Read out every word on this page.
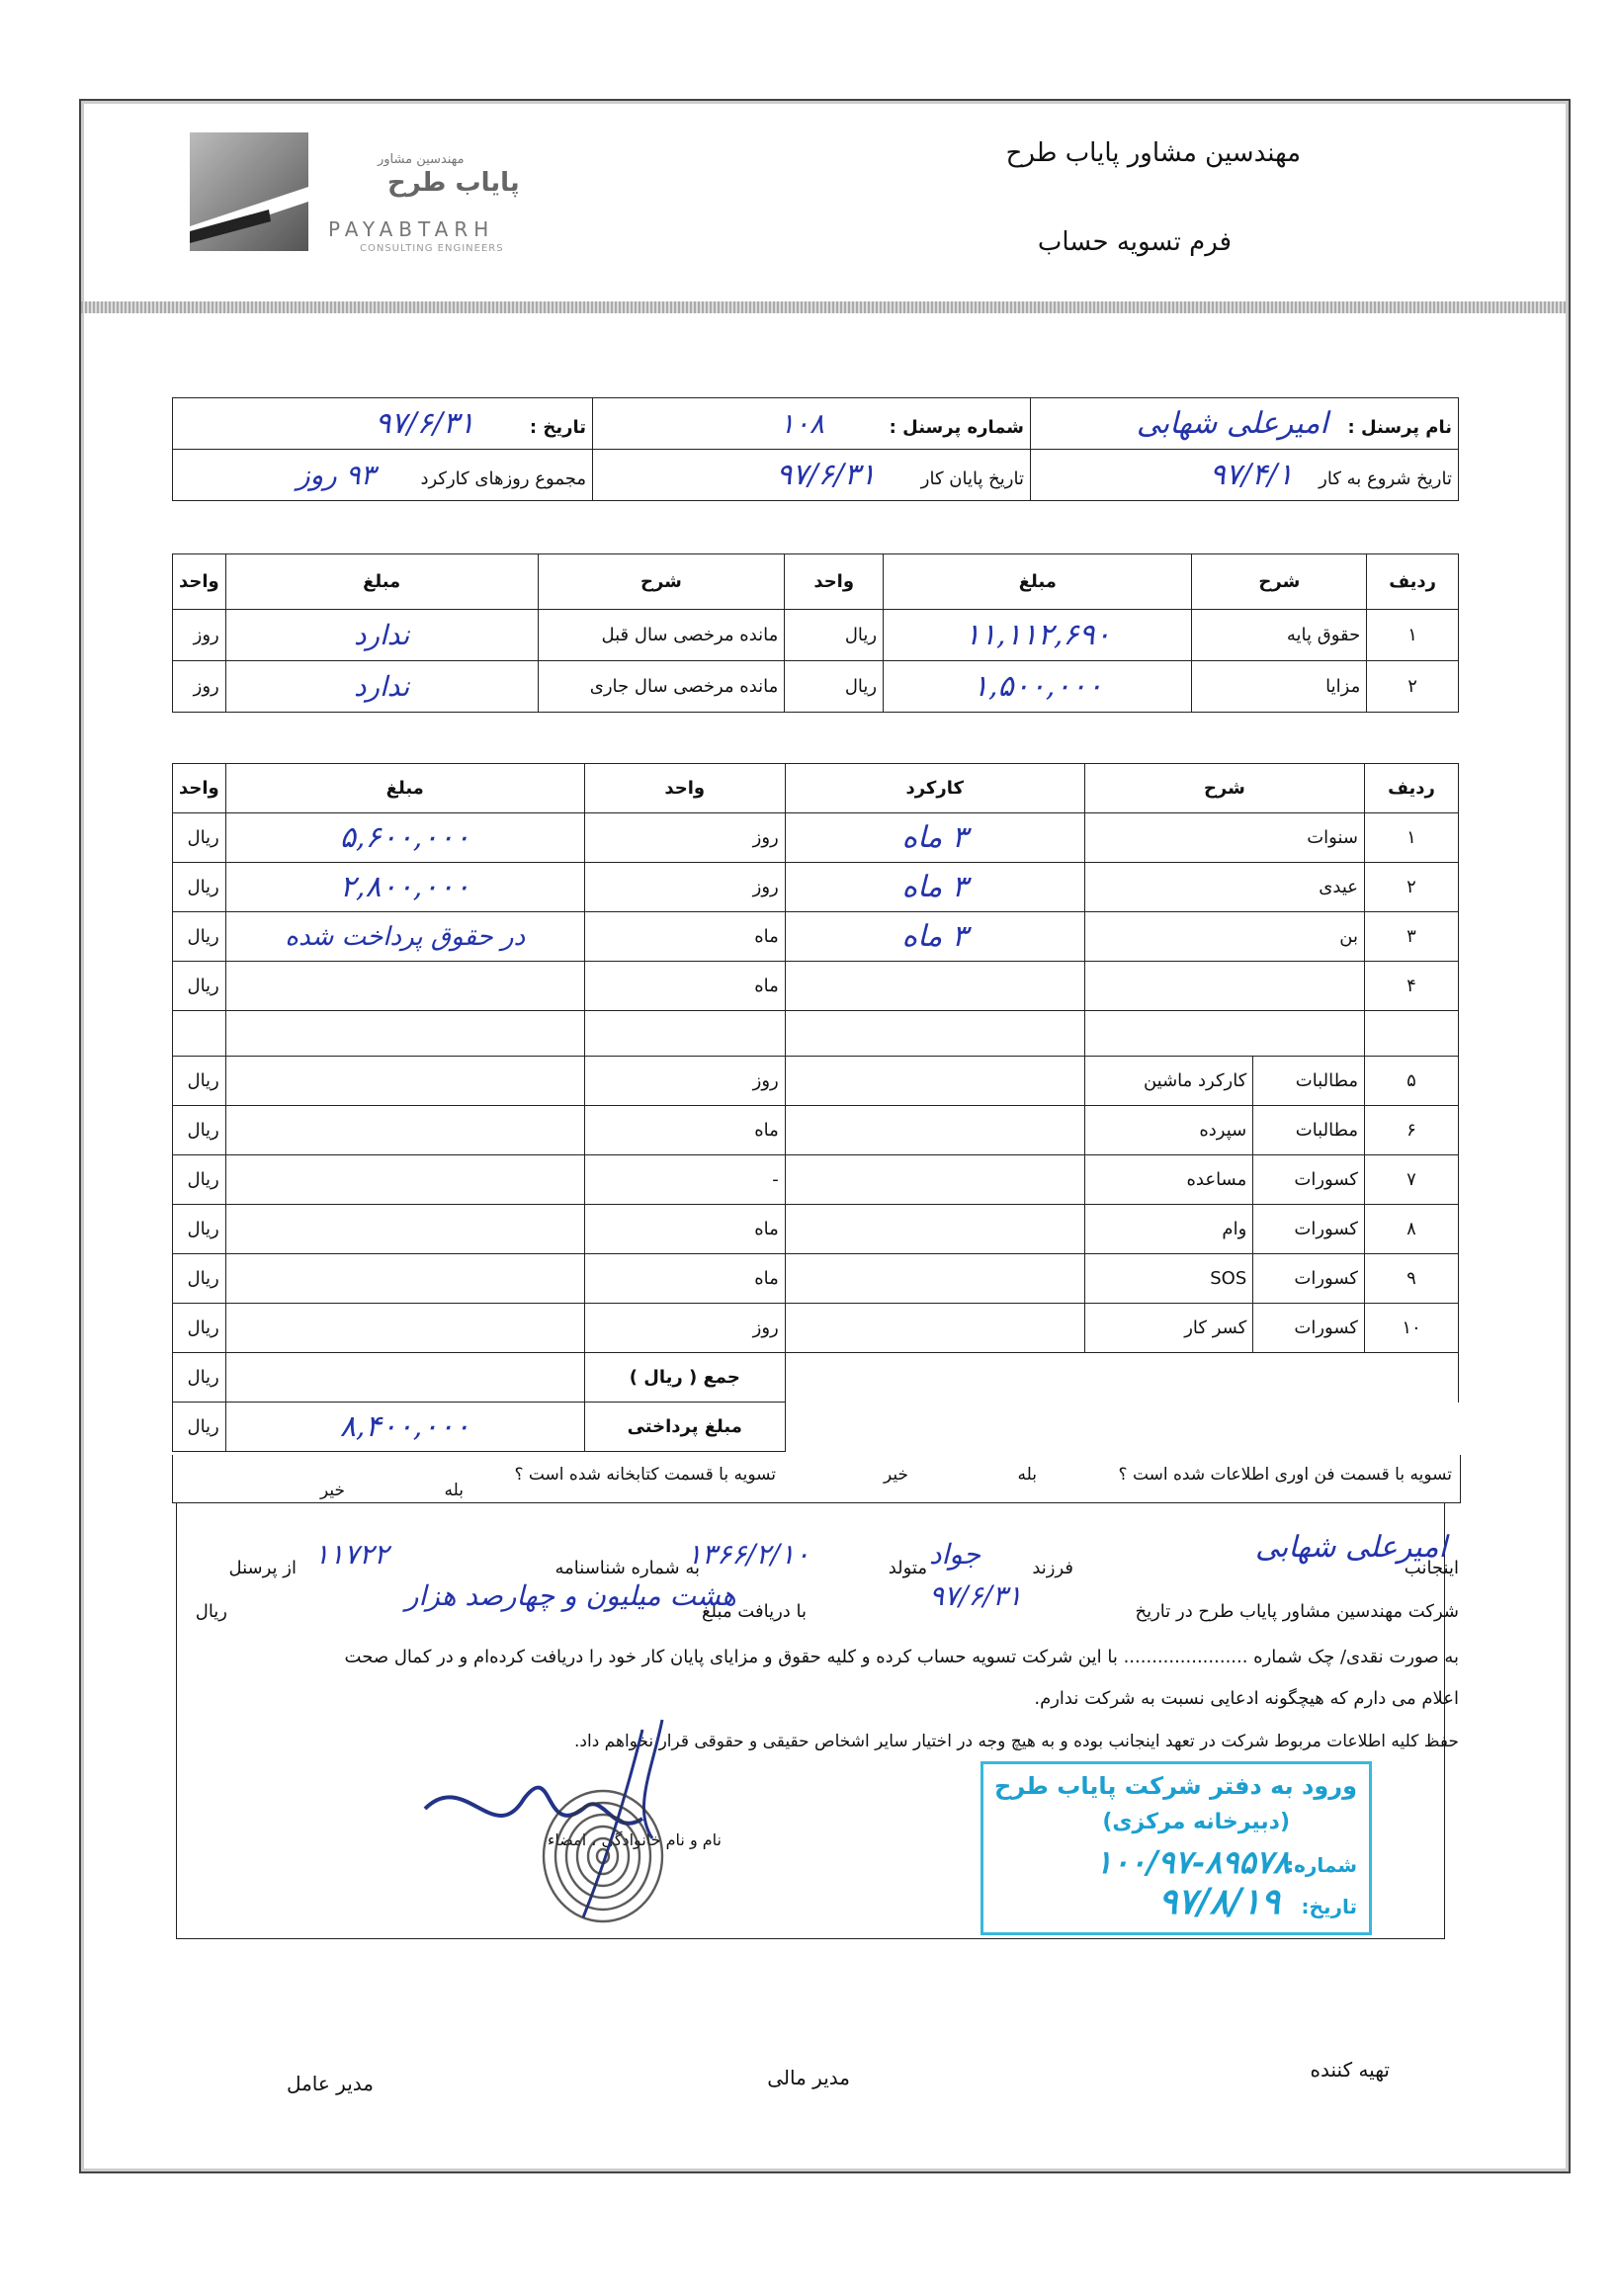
مهندسین مشاور
پایاب طرح
PAYABTARH
CONSULTING ENGINEERS
مهندسین مشاور پایاب طرح
فرم تسویه حساب
نام پرسنل : امیرعلی شهابی	شماره پرسنل : ۱۰۸	تاریخ : ۹۷/۶/۳۱
تاریخ شروع به کار ۹۷/۴/۱	تاریخ پایان کار ۹۷/۶/۳۱	مجموع روزهای کارکرد ۹۳ روز
ردیف	شرح	مبلغ	واحد	شرح	مبلغ	واحد
۱	حقوق پایه	۱۱,۱۱۲,۶۹۰	ریال	مانده مرخصی سال قبل	ندارد	روز
۲	مزایا	۱,۵۰۰,۰۰۰	ریال	مانده مرخصی سال جاری	ندارد	روز
ردیف	شرح		کارکرد	واحد	مبلغ	واحد
۱	سنوات		۳ ماه	روز	۵,۶۰۰,۰۰۰	ریال
۲	عیدی		۳ ماه	روز	۲,۸۰۰,۰۰۰	ریال
۳	بن		۳ ماه	ماه	در حقوق پرداخت شده	ریال
۴				ماه		ریال

۵	مطالبات	کارکرد ماشین		روز		ریال
۶	مطالبات	سپرده		ماه		ریال
۷	کسورات	مساعده		-		ریال
۸	کسورات	وام		ماه		ریال
۹	کسورات	SOS		ماه		ریال
۱۰	کسورات	کسر کار		روز		ریال
				جمع ( ریال )		ریال
				مبلغ پرداختی	۸,۴۰۰,۰۰۰	ریال
تسویه با قسمت فن اوری اطلاعات شده است ؟
بله
خیر
تسویه با قسمت کتابخانه شده است ؟
بله
خیر
اینجانب
امیرعلی شهابی
فرزند
جواد
متولد
۱۳۶۶/۲/۱۰
به شماره شناسنامه
۱۱۷۲۲
از پرسنل
شرکت مهندسین مشاور پایاب طرح در تاریخ
۹۷/۶/۳۱
با دریافت مبلغ
هشت میلیون و چهارصد هزار
ریال
به صورت نقدی/ چک شماره ...................... با این شرکت تسویه حساب کرده و کلیه حقوق و مزایای پایان کار خود را دریافت کرده‌ام و در کمال صحت
اعلام می دارم که هیچگونه ادعایی نسبت به شرکت ندارم.
حفظ کلیه اطلاعات مربوط شرکت در تعهد اینجانب بوده و به هیچ وجه در اختیار سایر اشخاص حقیقی و حقوقی قرار نخواهم داد.
نام و نام خانوادگی ، امضاء
ورود به دفتر شرکت پایاب طرح
(دبیرخانه مرکزی)
شماره:
۱۰۰/۹۷-۸۹۵۷۸
تاریخ:
۹۷/۸/۱۹
تهیه کننده
مدیر مالی
مدیر عامل
